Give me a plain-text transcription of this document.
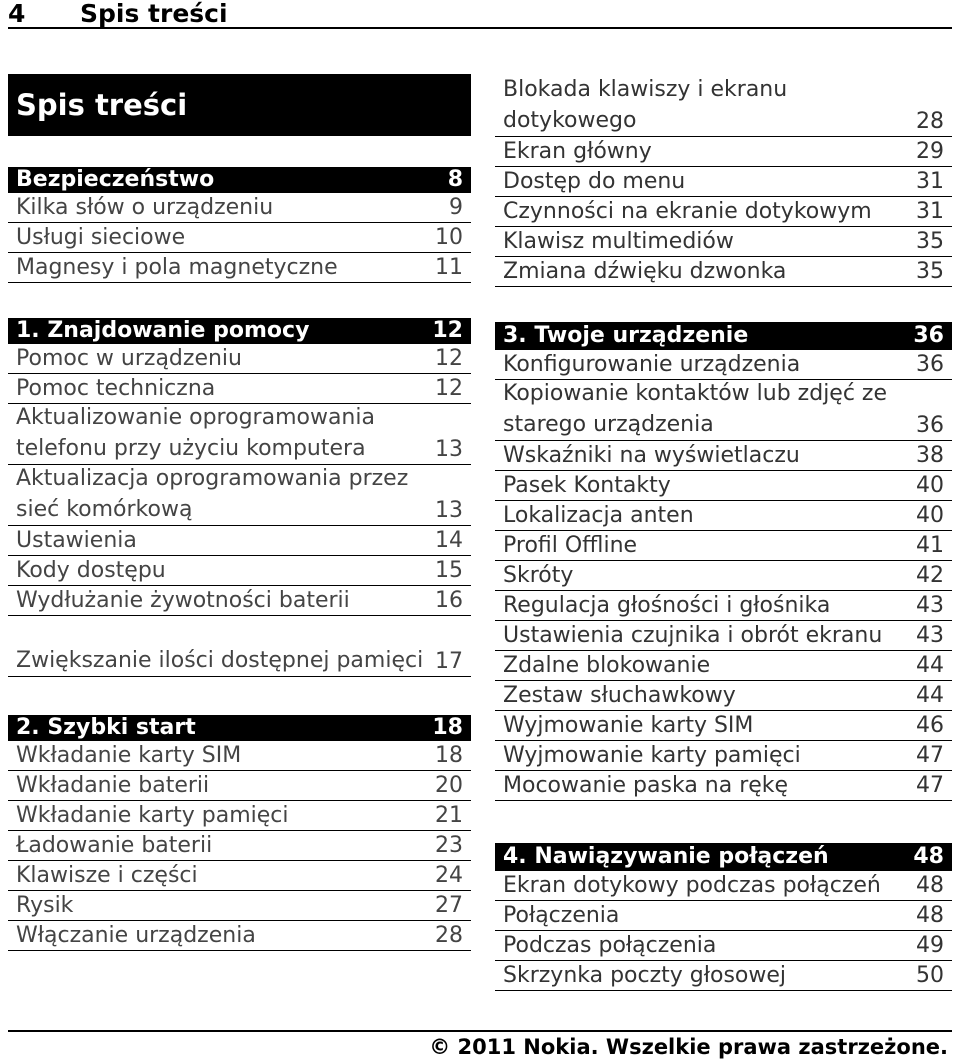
4	Spis treści
Spis treści
Bezpieczeństwo	8
Kilka słów o urządzeniu	9
Usługi sieciowe	10
Magnesy i pola magnetyczne	11
1. Znajdowanie pomocy	12
Pomoc w urządzeniu	12
Pomoc techniczna	12
Aktualizowanie oprogramowania telefonu przy użyciu komputera	13
Aktualizacja oprogramowania przez sieć komórkową	13
Ustawienia	14
Kody dostępu	15
Wydłużanie żywotności baterii	16
Zwiększanie ilości dostępnej pamięci 17
2. Szybki start	18
Wkładanie karty SIM	18
Wkładanie baterii	20
Wkładanie karty pamięci	21
Ładowanie baterii	23
Klawisze i części	24
Rysik	27
Włączanie urządzenia	28
Blokada klawiszy i ekranu dotykowego	28
Ekran główny	29
Dostęp do menu	31
Czynności na ekranie dotykowym 31
Klawisz multimediów	35
Zmiana dźwięku dzwonka	35
3. Twoje urządzenie	36
Konfigurowanie urządzenia	36
Kopiowanie kontaktów lub zdjęć ze starego urządzenia	36
Wskaźniki na wyświetlaczu	38
Pasek Kontakty	40
Lokalizacja anten	40
Profil Offline	41
Skróty	42
Regulacja głośności i głośnika	43
Ustawienia czujnika i obrót ekranu 43
Zdalne blokowanie	44
Zestaw słuchawkowy	44
Wyjmowanie karty SIM	46
Wyjmowanie karty pamięci	47
Mocowanie paska na rękę	47
4. Nawiązywanie połączeń	48
Ekran dotykowy podczas połączeń 48
Połączenia	48
Podczas połączenia	49
Skrzynka poczty głosowej	50
© 2011 Nokia. Wszelkie prawa zastrzeżone.
